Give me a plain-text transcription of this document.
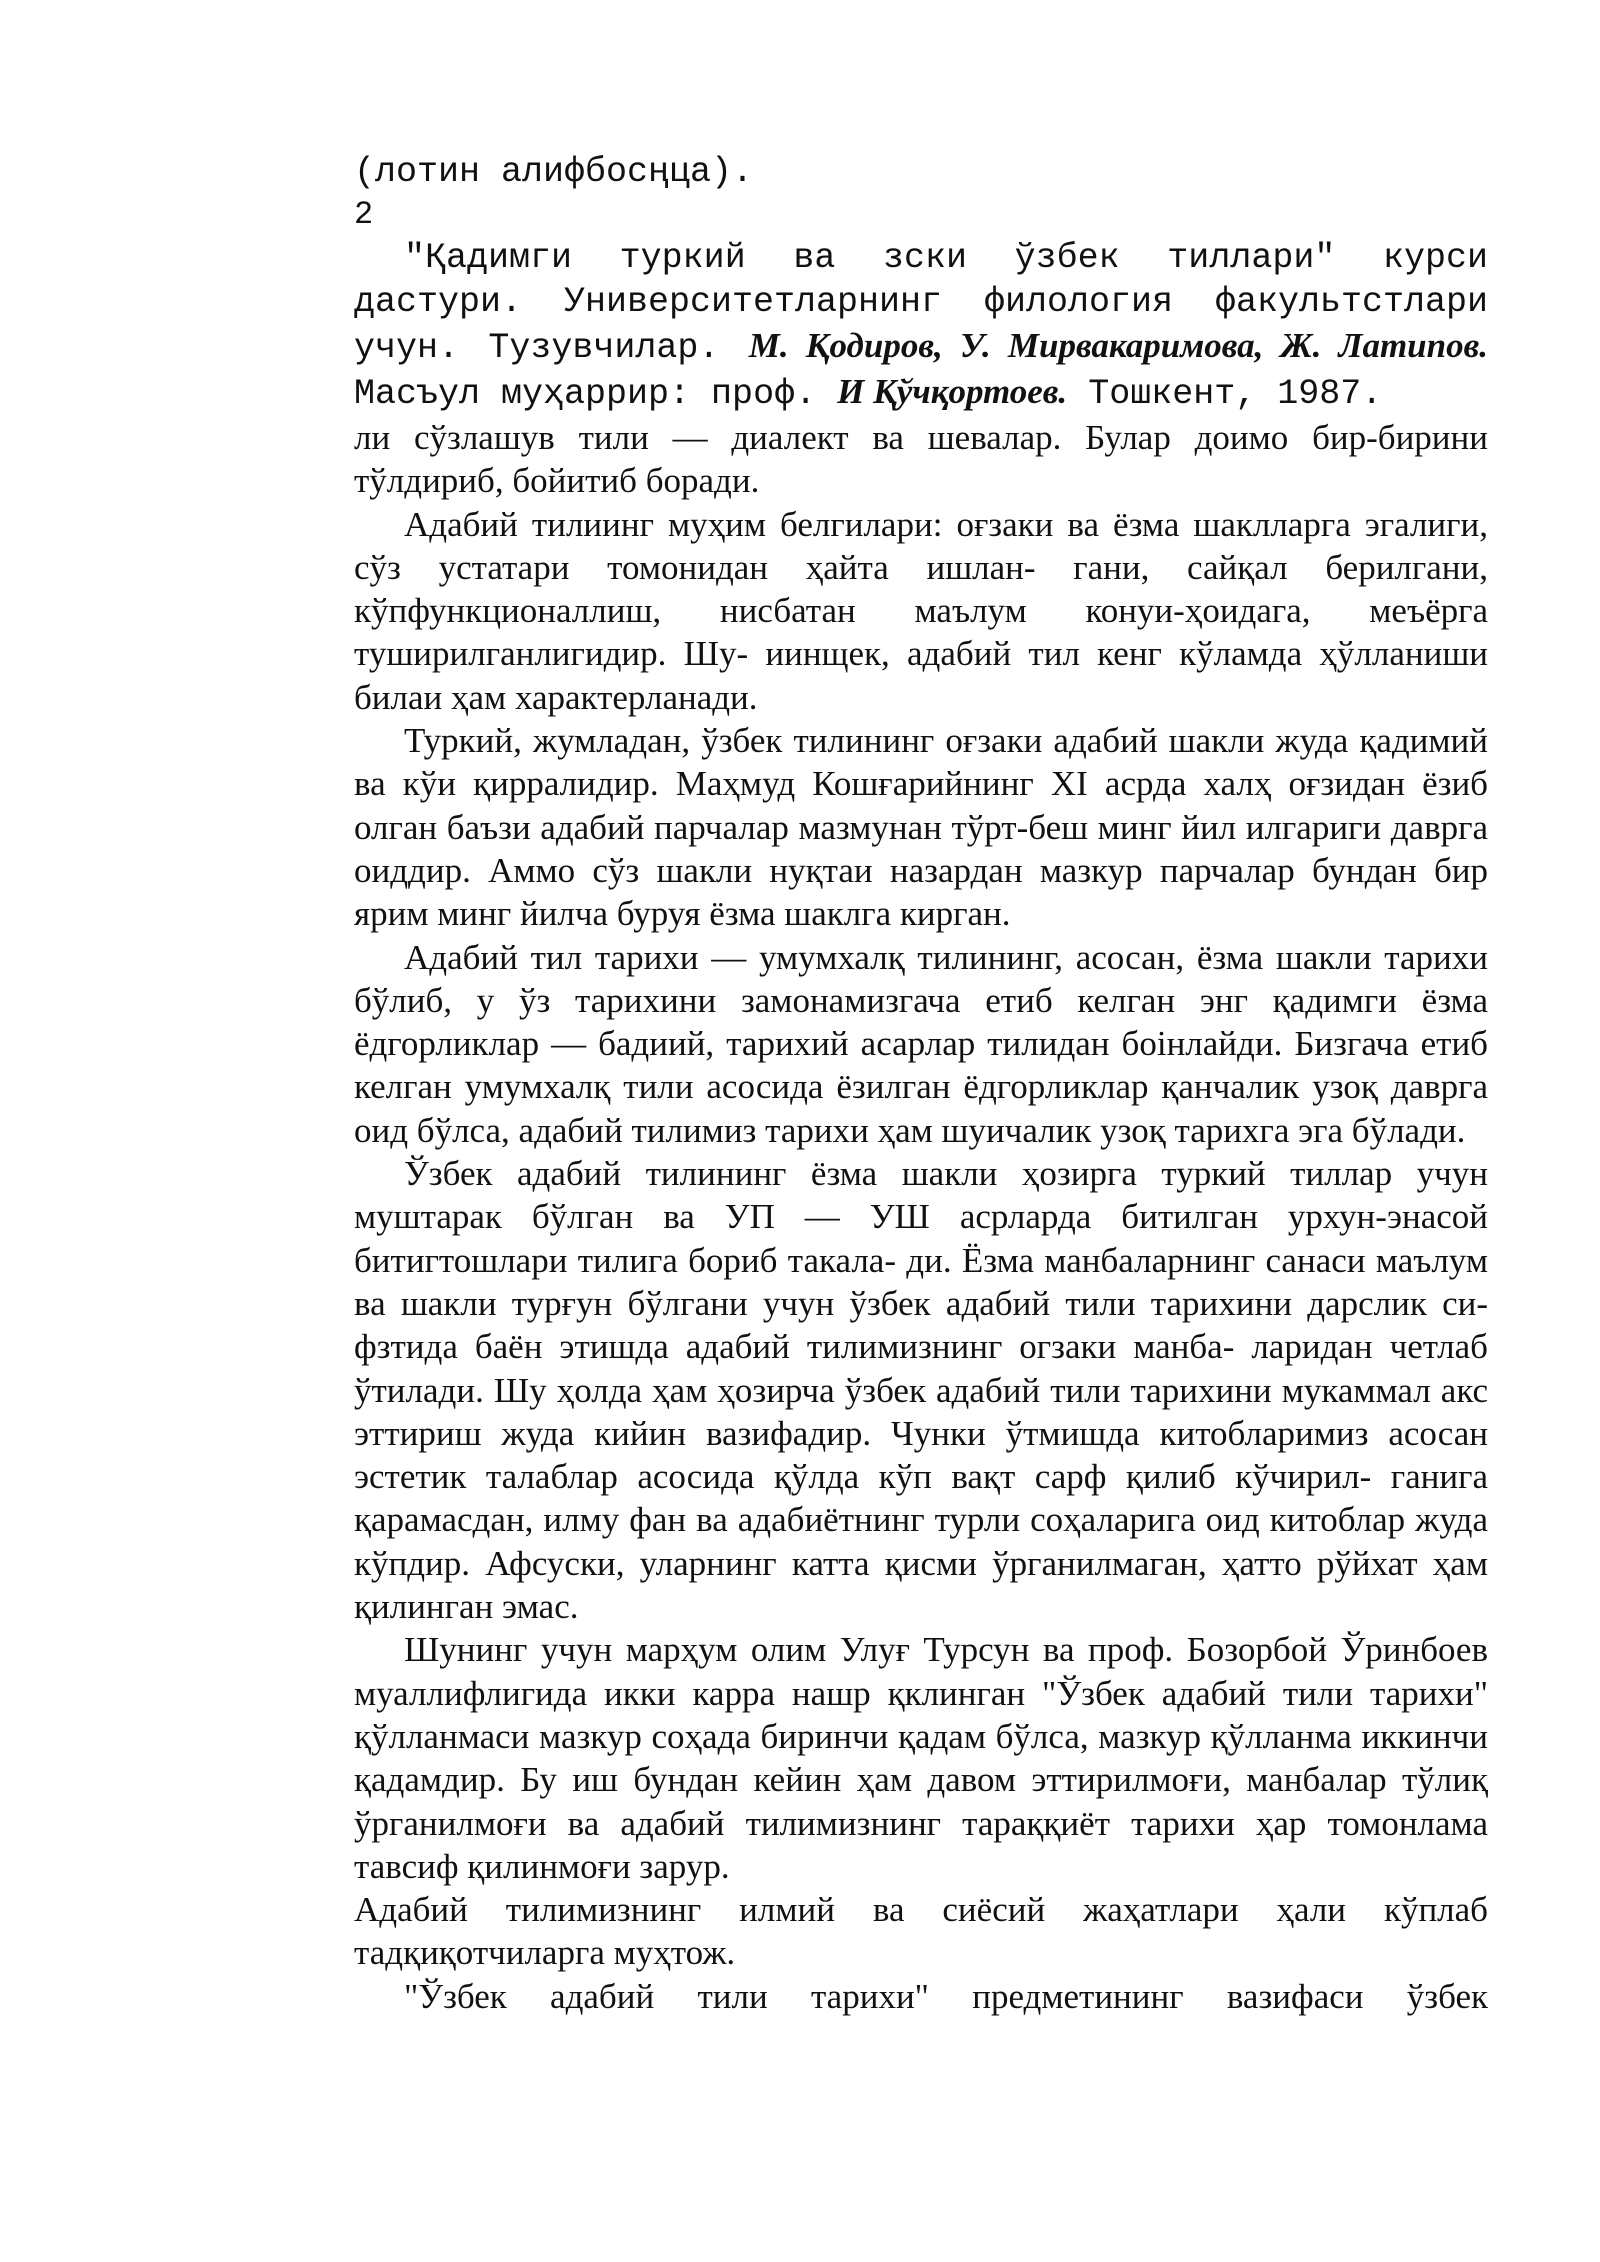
(лотин алифбосңца).
2
"Қадимги туркий ва зски ўзбек тиллари" курси дастури. Университетларнинг филология факультстлари учун. Тузувчилар. М. Қодиров, У. Мирвакаримова, Ж. Латипов. Масъул муҳаррир: проф. И Қўчқортоев. Тошкент, 1987.

ли сўзлашув тили — диалект ва шевалар. Булар доимо бир-бирини тўлдириб, бойитиб боради.

Адабий тилиинг муҳим белгилари: оғзаки ва ёзма шаклларга эгалиги, сўз устатари томонидан ҳайта ишлан- гани, сайқал берилгани, кўпфункционаллиш, нисбатан маълум конуи-ҳоидага, меъёрга туширилганлигидир. Шу- иинщек, адабий тил кенг кўламда ҳўлланиши билаи ҳам характерланади.

Туркий, жумладан, ўзбек тилининг оғзаки адабий шакли жуда қадимий ва кўи қирралидир. Маҳмуд Кошғарийнинг XI асрда халҳ оғзидан ёзиб олган баъзи адабий парчалар мазмунан тўрт-беш минг йил илгариги даврга оиддир. Аммо сўз шакли нуқтаи назардан мазкур парчалар бундан бир ярим минг йилча буруя ёзма шаклга кирган.

Адабий тил тарихи — умумхалқ тилининг, асосан, ёзма шакли тарихи бўлиб, у ўз тарихини замонамизгача етиб келган энг қадимги ёзма ёдгорликлар — бадиий, тарихий асарлар тилидан боінлайди. Бизгача етиб келган умумхалқ тили асосида ёзилган ёдгорликлар қанчалик узоқ даврга оид бўлса, адабий тилимиз тарихи ҳам шуичалик узоқ тарихга эга бўлади.

Ўзбек адабий тилининг ёзма шакли ҳозирга туркий тиллар учун муштарак бўлган ва УП — УШ асрларда битилган урхун-энасой битигтошлари тилига бориб такала- ди. Ёзма манбаларнинг санаси маълум ва шакли турғун бўлгани учун ўзбек адабий тили тарихини дарслик си- фзтида баён этишда адабий тилимизнинг огзаки манба- ларидан четлаб ўтилади. Шу ҳолда ҳам ҳозирча ўзбек адабий тили тарихини мукаммал акс эттириш жуда кийин вазифадир. Чунки ўтмишда китобларимиз асосан эстетик талаблар асосида қўлда кўп вақт сарф қилиб кўчирил- ганига қарамасдан, илму фан ва адабиётнинг турли соҳаларига оид китоблар жуда кўпдир. Афсуски, уларнинг катта қисми ўрганилмаган, ҳатто рўйхат ҳам қилинган эмас.

Шунинг учун марҳум олим Улуғ Турсун ва проф. Бозорбой Ўринбоев муаллифлигида икки карра нашр қклинган "Ўзбек адабий тили тарихи" қўлланмаси мазкур соҳада биринчи қадам бўлса, мазкур қўлланма иккинчи қадамдир. Бу иш бундан кейин ҳам давом эттирилмоғи, манбалар тўлиқ ўрганилмоғи ва адабий тилимизнинг тараққиёт тарихи ҳар томонлама тавсиф қилинмоғи зарур.

Адабий тилимизнинг илмий ва сиёсий жаҳатлари ҳали кўплаб тадқиқотчиларга муҳтож.

"Ўзбек адабий тили тарихи" предметининг вазифаси ўзбек
